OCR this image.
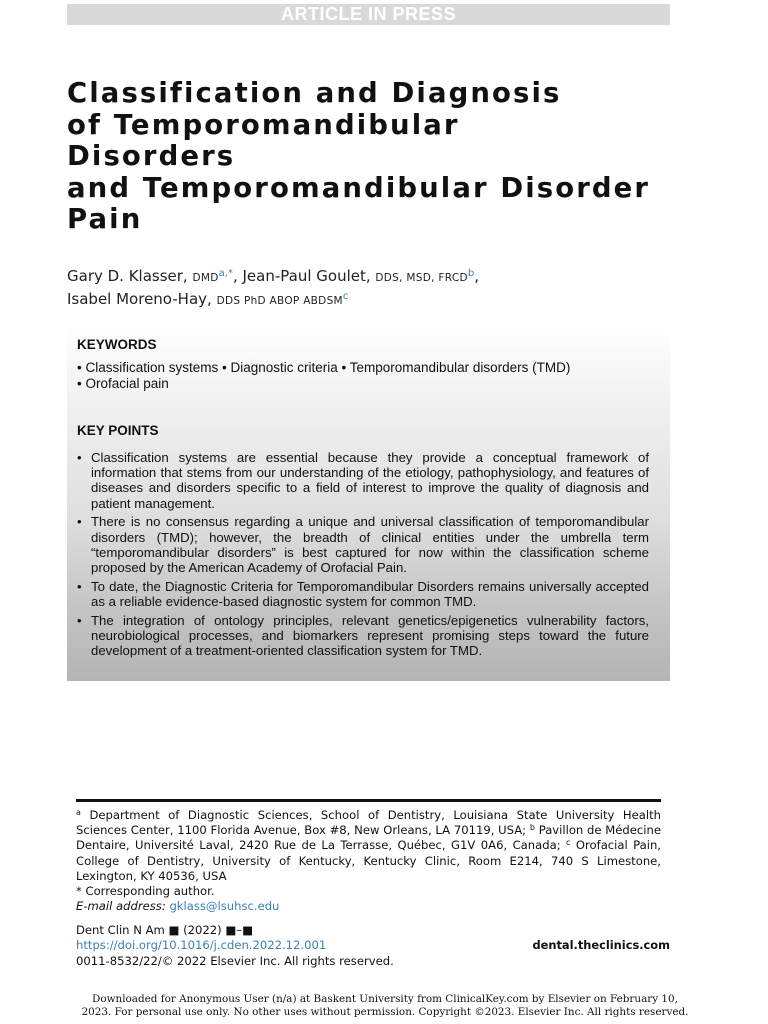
ARTICLE IN PRESS
Classification and Diagnosis
of Temporomandibular
Disorders
and Temporomandibular Disorder
Pain
Gary D. Klasser, $DMD^{a,*}$, Jean-Paul Goulet, DDS, MSD, FRCD$^b$,
Isabel Moreno-Hay, DDS PhD ABOP ABDSM$^c$
KEYWORDS
• Classification systems • Diagnostic criteria • Temporomandibular disorders (TMD)
• Orofacial pain
KEY POINTS
• Classification systems are essential because they provide a conceptual framework of information that stems from our understanding of the etiology, pathophysiology, and features of diseases and disorders specific to a field of interest to improve the quality of diagnosis and patient management.
• There is no consensus regarding a unique and universal classification of temporomandibular disorders (TMD); however, the breadth of clinical entities under the umbrella term “temporomandibular disorders” is best captured for now within the classification scheme proposed by the American Academy of Orofacial Pain.
• To date, the Diagnostic Criteria for Temporomandibular Disorders remains universally accepted as a reliable evidence-based diagnostic system for common TMD.
• The integration of ontology principles, relevant genetics/epigenetics vulnerability factors, neurobiological processes, and biomarkers represent promising steps toward the future development of a treatment-oriented classification system for TMD.

$^a$ Department of Diagnostic Sciences, School of Dentistry, Louisiana State University Health Sciences Center, 1100 Florida Avenue, Box #8, New Orleans, LA 70119, USA; $^b$ Pavillon de Médecine Dentaire, Université Laval, 2420 Rue de La Terrasse, Québec, G1V 0A6, Canada; $^c$ Orofacial Pain, College of Dentistry, University of Kentucky, Kentucky Clinic, Room E214, 740 S Limestone, Lexington, KY 40536, USA

* Corresponding author.

E-mail address: gklass@lsuhsc.edu

Dent Clin N Am ■ (2022) ■–■
https://doi.org/10.1016/j.cden.2022.12.001
0011-8532/22/© 2022 Elsevier Inc. All rights reserved.
dental.theclinics.com
Downloaded for Anonymous User (n/a) at Baskent University from ClinicalKey.com by Elsevier on February 10,
2023. For personal use only. No other uses without permission. Copyright ©2023. Elsevier Inc. All rights reserved.
